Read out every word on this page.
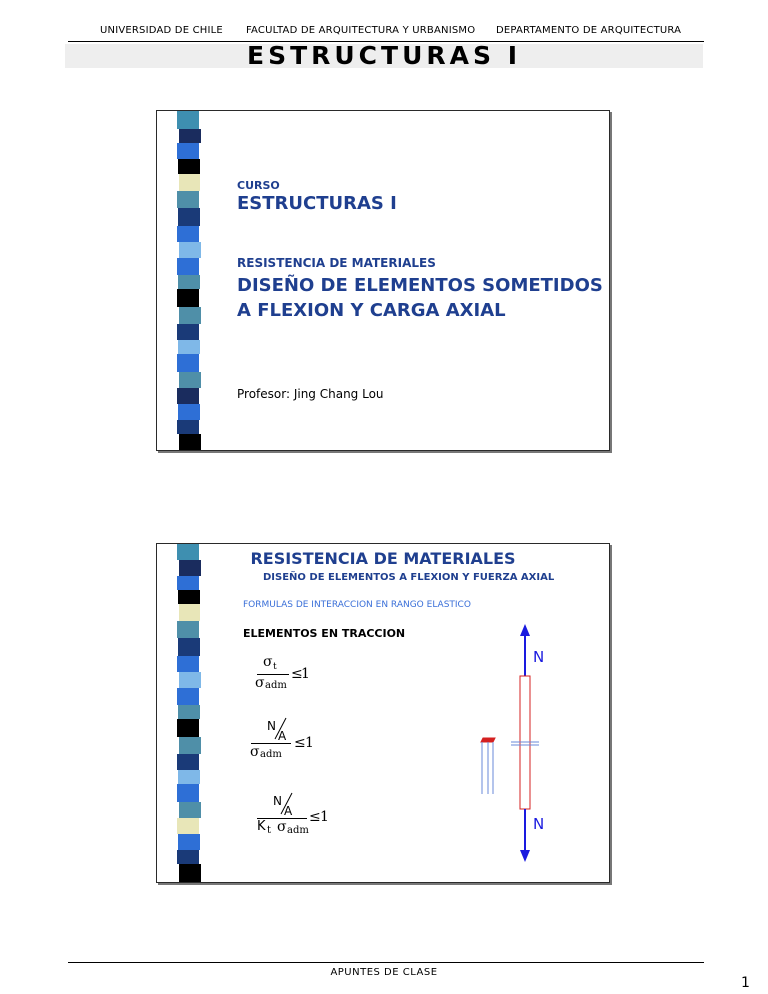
UNIVERSIDAD DE CHILE FACULTAD DE ARQUITECTURA Y URBANISMO DEPARTAMENTO DE ARQUITECTURA
ESTRUCTURAS I
CURSO
ESTRUCTURAS I
RESISTENCIA DE MATERIALES
DISEÑO DE ELEMENTOS SOMETIDOS
A FLEXION Y CARGA AXIAL
Profesor: Jing Chang Lou
RESISTENCIA DE MATERIALES
DISEÑO DE ELEMENTOS A FLEXION Y FUERZA AXIAL
FORMULAS DE INTERACCION EN RANGO ELASTICO
ELEMENTOS EN TRACCION
σ t ≤
1
σ adm
N
A ≤ 1
σ adm
N
A ≤ 1
K t σ adm
N
N
APUNTES DE CLASE
1
